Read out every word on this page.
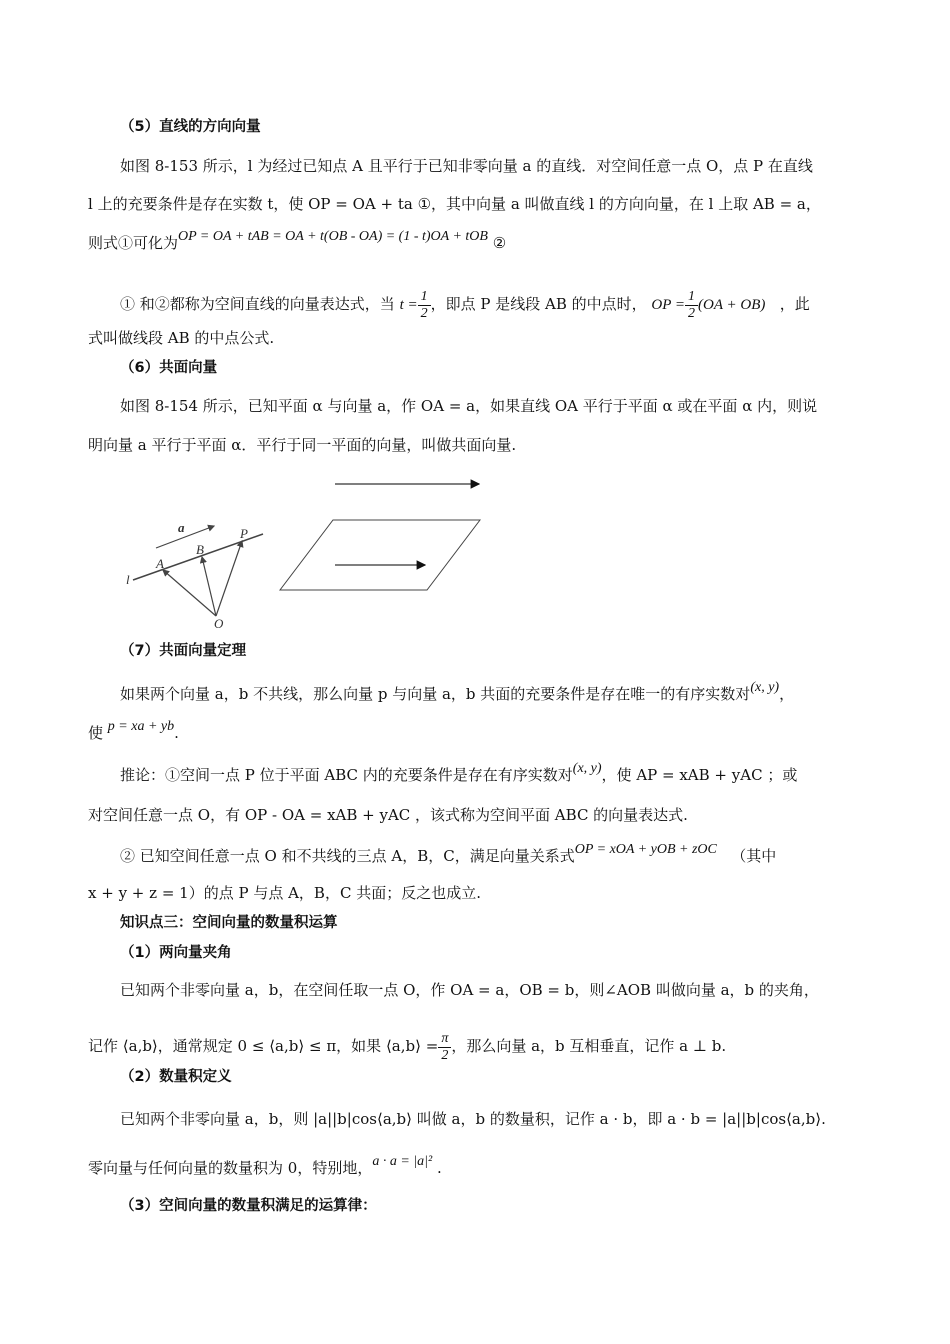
（5）直线的方向向量
如图 8-153 所示，l 为经过已知点 A 且平行于已知非零向量 a 的直线．对空间任意一点 O，点 P 在直线
l 上的充要条件是存在实数 t，使 OP = OA + ta ①，其中向量 a 叫做直线 l 的方向向量，在 l 上取 AB = a，
则式①可化为OP = OA + tAB = OA + t(OB - OA) = (1 - t)OA + tOB ②
① 和②都称为空间直线的向量表达式，当 $t = \frac{1}{2}$ ，即点 P 是线段 AB 的中点时， OP = $\frac{1}{2} (OA + OB)$ ，此
式叫做线段 AB 的中点公式.
（6）共面向量
如图 8-154 所示，已知平面 α 与向量 a，作 OA = a，如果直线 OA 平行于平面 α 或在平面 α 内，则说
明向量 a 平行于平面 α．平行于同一平面的向量，叫做共面向量.
a
B
P
A
l
O
（7）共面向量定理
如果两个向量 a，b 不共线，那么向量 p 与向量 a，b 共面的充要条件是存在唯一的有序实数对(x, y)，
使 p = xa + yb.
推论：①空间一点 P 位于平面 ABC 内的充要条件是存在有序实数对(x, y)，使 AP = xAB + yAC ；或
对空间任意一点 O，有 OP - OA = xAB + yAC ，该式称为空间平面 ABC 的向量表达式.
② 已知空间任意一点 O 和不共线的三点 A，B，C，满足向量关系式OP = xOA + yOB + zOC （其中
x + y + z = 1）的点 P 与点 A，B，C 共面；反之也成立.
知识点三：空间向量的数量积运算
（1）两向量夹角
已知两个非零向量 a，b，在空间任取一点 O，作 OA = a，OB = b，则∠AOB 叫做向量 a，b 的夹角，
记作 ⟨a,b⟩，通常规定 0 ≤ ⟨a,b⟩ ≤ π，如果 ⟨a,b⟩ = $\frac{\pi}{2}$ ，那么向量 a，b 互相垂直，记作 a ⊥ b.
（2）数量积定义
已知两个非零向量 a，b，则 |a||b|cos⟨a,b⟩ 叫做 a，b 的数量积，记作 a · b，即 a · b = |a||b|cos⟨a,b⟩.
零向量与任何向量的数量积为 0，特别地，a · a = |a|² .
（3）空间向量的数量积满足的运算律：
